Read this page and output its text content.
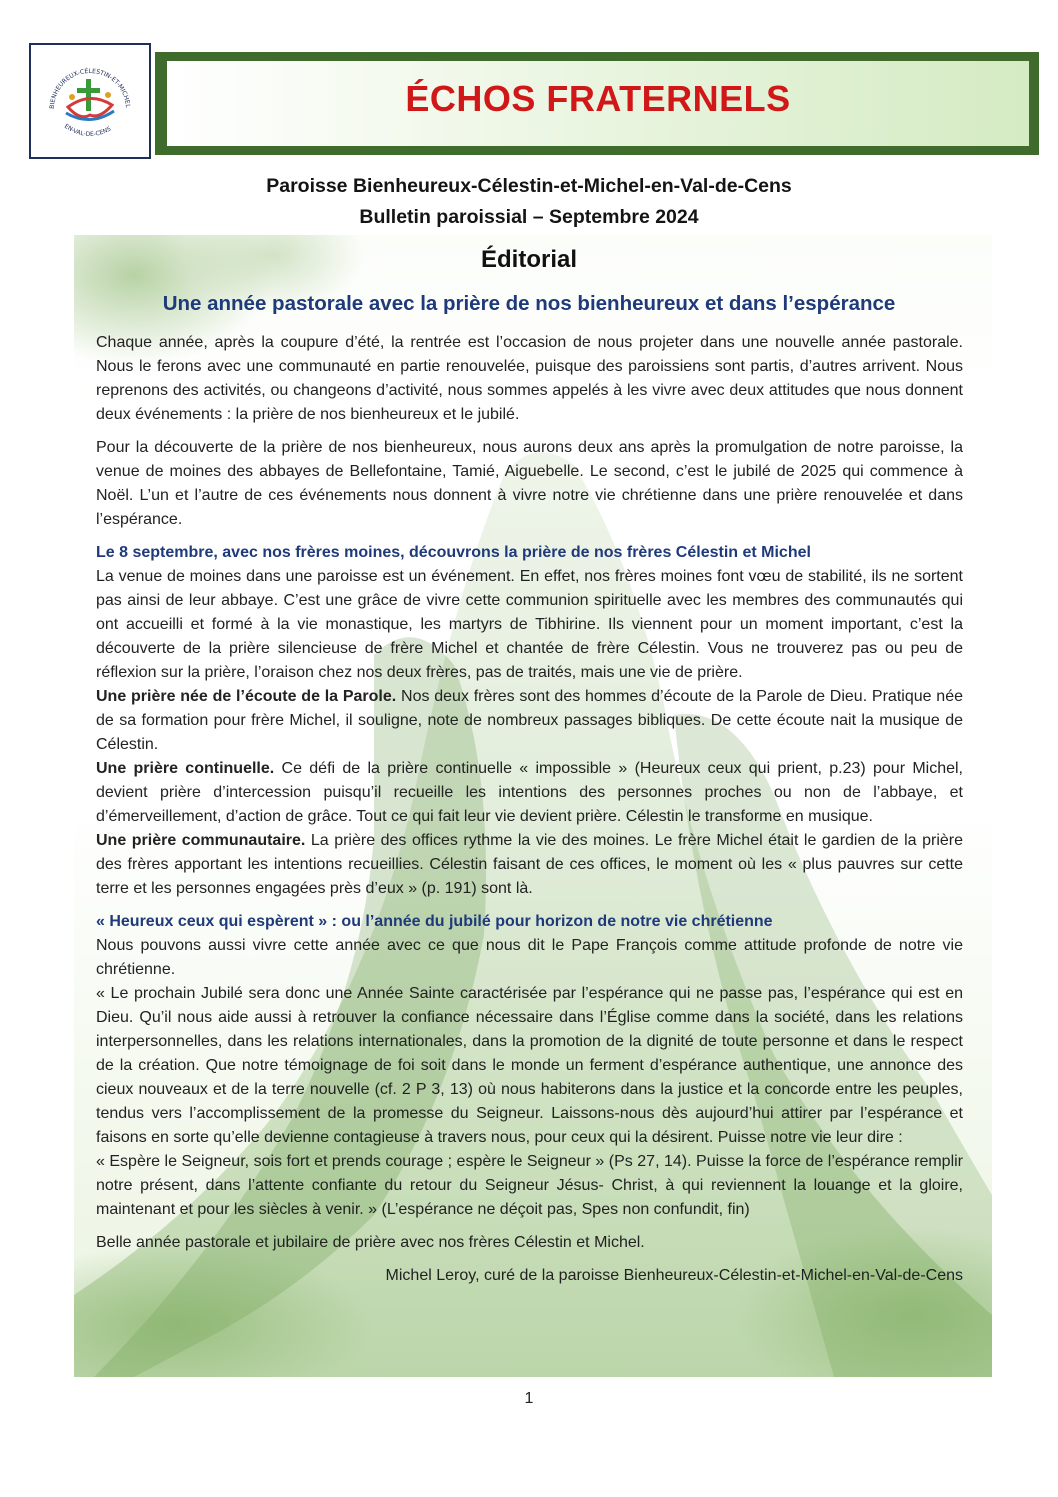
BIENHEUREUX-CÉLESTIN-ET-MICHEL
EN-VAL-DE-CENS
ÉCHOS FRATERNELS
Paroisse Bienheureux-Célestin-et-Michel-en-Val-de-Cens
Bulletin paroissial – Septembre 2024
Éditorial
Une année pastorale avec la prière de nos bienheureux et dans l’espérance

Chaque année, après la coupure d’été, la rentrée est l’occasion de nous projeter dans une nouvelle année pastorale. Nous le ferons avec une communauté en partie renouvelée, puisque des paroissiens sont partis, d’autres arrivent. Nous reprenons des activités, ou changeons d’activité, nous sommes appelés à les vivre avec deux attitudes que nous donnent deux événements : la prière de nos bienheureux et le jubilé.

Pour la découverte de la prière de nos bienheureux, nous aurons deux ans après la promulgation de notre paroisse, la venue de moines des abbayes de Bellefontaine, Tamié, Aiguebelle. Le second, c’est le jubilé de 2025 qui commence à Noël. L’un et l’autre de ces événements nous donnent à vivre notre vie chrétienne dans une prière renouvelée et dans l’espérance.

Le 8 septembre, avec nos frères moines, découvrons la prière de nos frères Célestin et Michel

La venue de moines dans une paroisse est un événement. En effet, nos frères moines font vœu de stabilité, ils ne sortent pas ainsi de leur abbaye. C’est une grâce de vivre cette communion spirituelle avec les membres des communautés qui ont accueilli et formé à la vie monastique, les martyrs de Tibhirine. Ils viennent pour un moment important, c’est la découverte de la prière silencieuse de frère Michel et chantée de frère Célestin. Vous ne trouverez pas ou peu de réflexion sur la prière, l’oraison chez nos deux frères, pas de traités, mais une vie de prière.

Une prière née de l’écoute de la Parole. Nos deux frères sont des hommes d’écoute de la Parole de Dieu. Pratique née de sa formation pour frère Michel, il souligne, note de nombreux passages bibliques. De cette écoute nait la musique de Célestin.

Une prière continuelle. Ce défi de la prière continuelle « impossible » (Heureux ceux qui prient, p.23) pour Michel, devient prière d’intercession puisqu’il recueille les intentions des personnes proches ou non de l’abbaye, et d’émerveillement, d’action de grâce. Tout ce qui fait leur vie devient prière. Célestin le transforme en musique.

Une prière communautaire. La prière des offices rythme la vie des moines. Le frère Michel était le gardien de la prière des frères apportant les intentions recueillies. Célestin faisant de ces offices, le moment où les « plus pauvres sur cette terre et les personnes engagées près d’eux » (p. 191) sont là.

« Heureux ceux qui espèrent » : ou l’année du jubilé pour horizon de notre vie chrétienne

Nous pouvons aussi vivre cette année avec ce que nous dit le Pape François comme attitude profonde de notre vie chrétienne.

« Le prochain Jubilé sera donc une Année Sainte caractérisée par l’espérance qui ne passe pas, l’espérance qui est en Dieu. Qu’il nous aide aussi à retrouver la confiance nécessaire dans l’Église comme dans la société, dans les relations interpersonnelles, dans les relations internationales, dans la promotion de la dignité de toute personne et dans le respect de la création. Que notre témoignage de foi soit dans le monde un ferment d’espérance authentique, une annonce des cieux nouveaux et de la terre nouvelle (cf. 2 P 3, 13) où nous habiterons dans la justice et la concorde entre les peuples, tendus vers l’accomplissement de la promesse du Seigneur. Laissons-nous dès aujourd’hui attirer par l’espérance et faisons en sorte qu’elle devienne contagieuse à travers nous, pour ceux qui la désirent. Puisse notre vie leur dire :

« Espère le Seigneur, sois fort et prends courage ; espère le Seigneur » (Ps 27, 14). Puisse la force de l’espérance remplir notre présent, dans l’attente confiante du retour du Seigneur Jésus- Christ, à qui reviennent la louange et la gloire, maintenant et pour les siècles à venir. » (L’espérance ne déçoit pas, Spes non confundit, fin)

Belle année pastorale et jubilaire de prière avec nos frères Célestin et Michel.

Michel Leroy, curé de la paroisse Bienheureux-Célestin-et-Michel-en-Val-de-Cens

1
